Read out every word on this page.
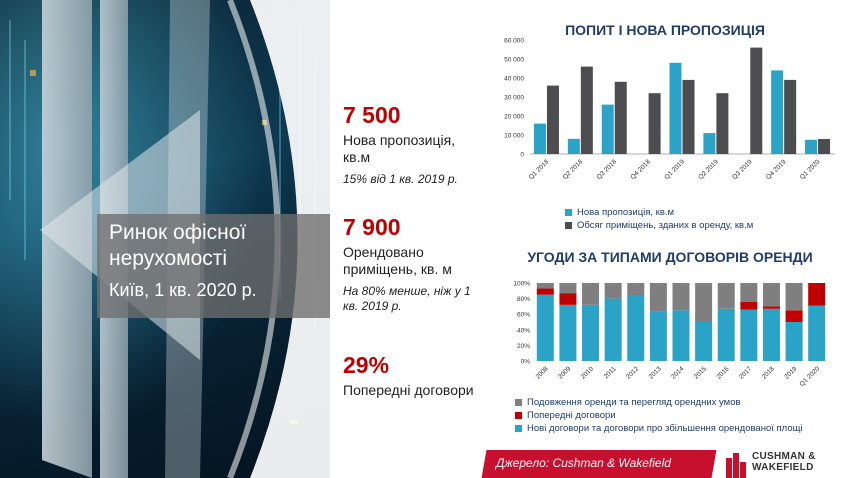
Ринок офісної нерухомості
Київ, 1 кв. 2020 р.
7 500
Нова пропозиція, кв.м
15% від 1 кв. 2019 р.
7 900
Орендовано приміщень, кв. м
На 80% менше, ніж у 1 кв. 2019 р.
29%
Попередні договори
ПОПИТ І НОВА ПРОПОЗИЦІЯ
0
10 000
20 000
30 000
40 000
50 000
60 000
Q1 2018 Q2 2018 Q3 2018 Q4 2018 Q1 2019 Q2 2019 Q3 2019 Q4 2019 Q1 2020
Нова пропозиція, кв.м
Обсяг приміщень, зданих в оренду, кв.м
УГОДИ ЗА ТИПАМИ ДОГОВОРІВ ОРЕНДИ
0%
20%
40%
60%
80%
100%
2008 2009 2010 2011 2012 2013 2014 2015 2016 2017 2018 2019 Q1 2020
Подовження оренди та перегляд орендних умов
Попередні договори
Нові договори та договори про збільшення орендованої площі
Джерело: Cushman & Wakefield	CUSHMAN &
WAKEFIELD
